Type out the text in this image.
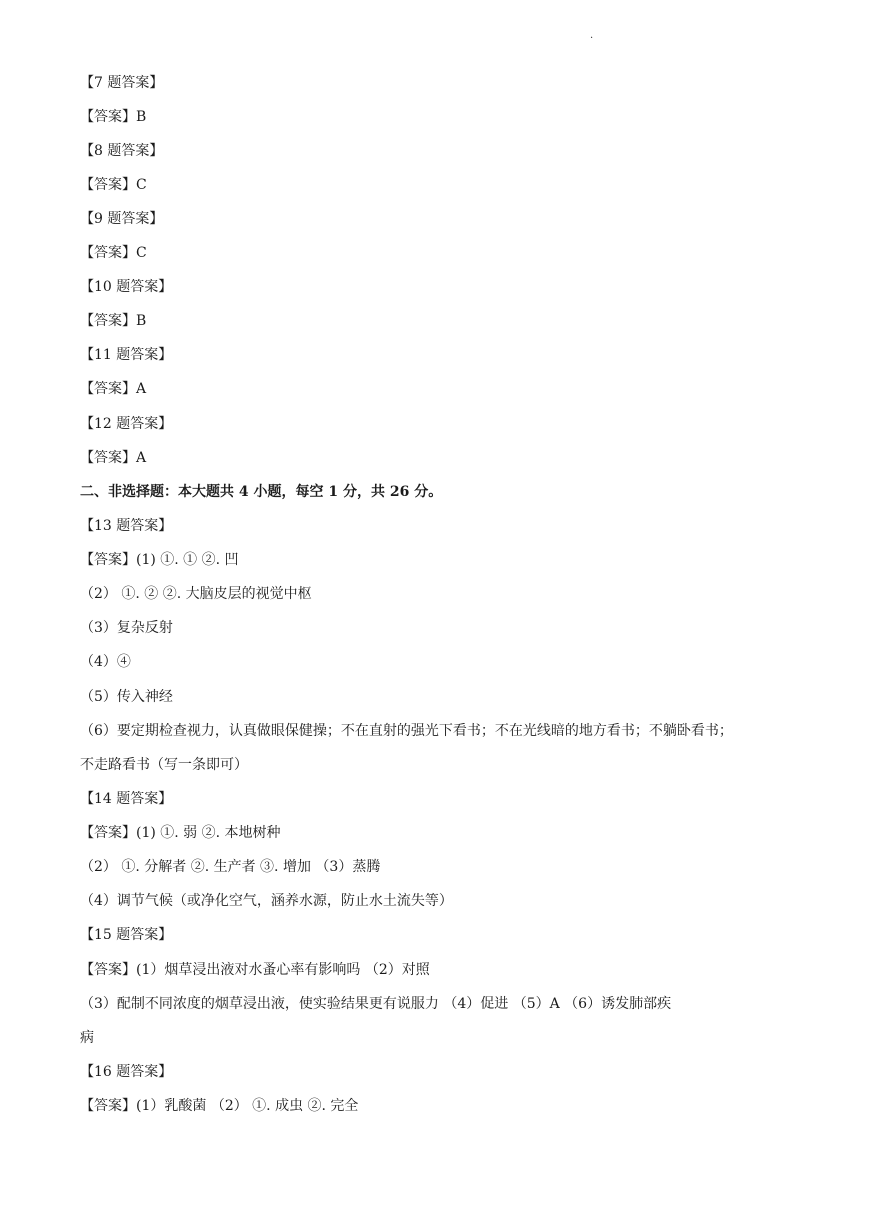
.
【7 题答案】
【答案】B
【8 题答案】
【答案】C
【9 题答案】
【答案】C
【10 题答案】
【答案】B
【11 题答案】
【答案】A
【12 题答案】
【答案】A
二、非选择题：本大题共 4 小题，每空 1 分，共 26 分。
【13 题答案】
【答案】(1) ①. ① ②. 凹
（2） ①. ② ②. 大脑皮层的视觉中枢
（3）复杂反射
（4）④
（5）传入神经
（6）要定期检查视力，认真做眼保健操；不在直射的强光下看书；不在光线暗的地方看书；不躺卧看书；
不走路看书（写一条即可）
【14 题答案】
【答案】(1) ①. 弱 ②. 本地树种
（2） ①. 分解者 ②. 生产者 ③. 增加 （3）蒸腾
（4）调节气候（或净化空气，涵养水源，防止水土流失等）
【15 题答案】
【答案】(1）烟草浸出液对水蚤心率有影响吗 （2）对照
（3）配制不同浓度的烟草浸出液，使实验结果更有说服力 （4）促进 （5）A （6）诱发肺部疾
病
【16 题答案】
【答案】(1）乳酸菌 （2） ①. 成虫 ②. 完全
